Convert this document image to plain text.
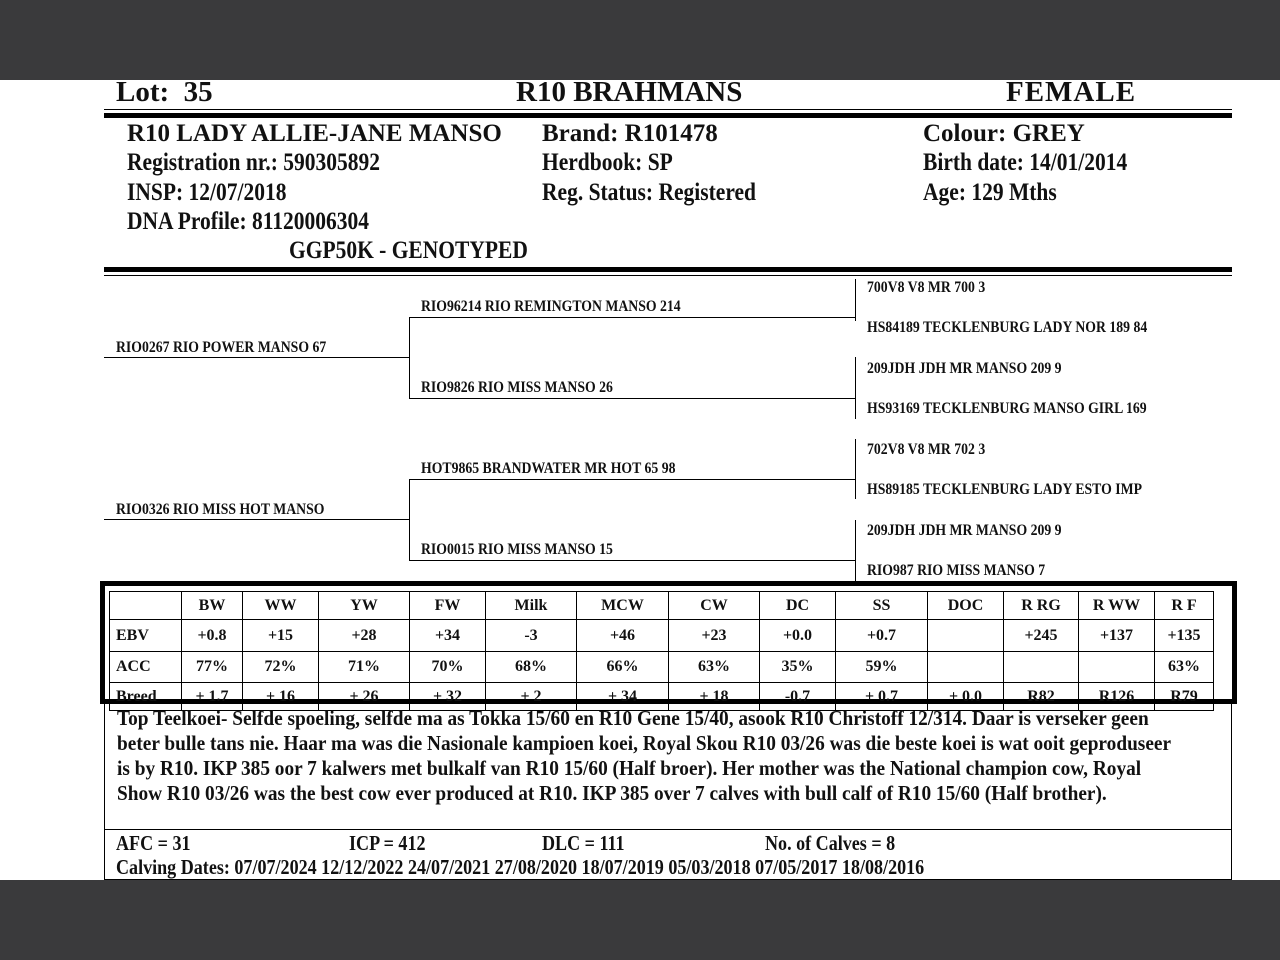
Lot: 35	R10 BRAHMANS	FEMALE
R10 LADY ALLIE-JANE MANSO
Registration nr.: 590305892
INSP: 12/07/2018
DNA Profile: 81120006304
GGP50K - GENOTYPED
Brand: R101478
Herdbook: SP
Reg. Status: Registered
Colour: GREY
Birth date: 14/01/2014
Age: 129 Mths
RIO0267 RIO POWER MANSO 67
RIO0326 RIO MISS HOT MANSO
RIO96214 RIO REMINGTON MANSO 214
RIO9826 RIO MISS MANSO 26
HOT9865 BRANDWATER MR HOT 65 98
RIO0015 RIO MISS MANSO 15
700V8 V8 MR 700 3
HS84189 TECKLENBURG LADY NOR 189 84
209JDH JDH MR MANSO 209 9
HS93169 TECKLENBURG MANSO GIRL 169
702V8 V8 MR 702 3
HS89185 TECKLENBURG LADY ESTO IMP
209JDH JDH MR MANSO 209 9
RIO987 RIO MISS MANSO 7
	BW	WW	YW	FW	Milk	MCW	CW	DC	SS	DOC	R RG	R WW	R F
EBV	+0.8	+15	+28	+34	-3	+46	+23	+0.0	+0.7		+245	+137	+135
ACC	77%	72%	71%	70%	68%	66%	63%	35%	59%				63%
Breed	+ 1.7	+ 16	+ 26	+ 32	+ 2	+ 34	+ 18	-0.7	+ 0.7	+ 0.0	R82	R126	R79
Top Teelkoei- Selfde spoeling, selfde ma as Tokka 15/60 en R10 Gene 15/40, asook R10 Christoff 12/314. Daar is verseker geen beter bulle tans nie. Haar ma was die Nasionale kampioen koei, Royal Skou R10 03/26 was die beste koei is wat ooit geproduseer is by R10. IKP 385 oor 7 kalwers met bulkalf van R10 15/60 (Half broer). Her mother was the National champion cow, Royal Show R10 03/26 was the best cow ever produced at R10. IKP 385 over 7 calves with bull calf of R10 15/60 (Half brother).
AFC = 31	ICP = 412	DLC = 111	No. of Calves = 8
Calving Dates: 07/07/2024 12/12/2022 24/07/2021 27/08/2020 18/07/2019 05/03/2018 07/05/2017 18/08/2016
